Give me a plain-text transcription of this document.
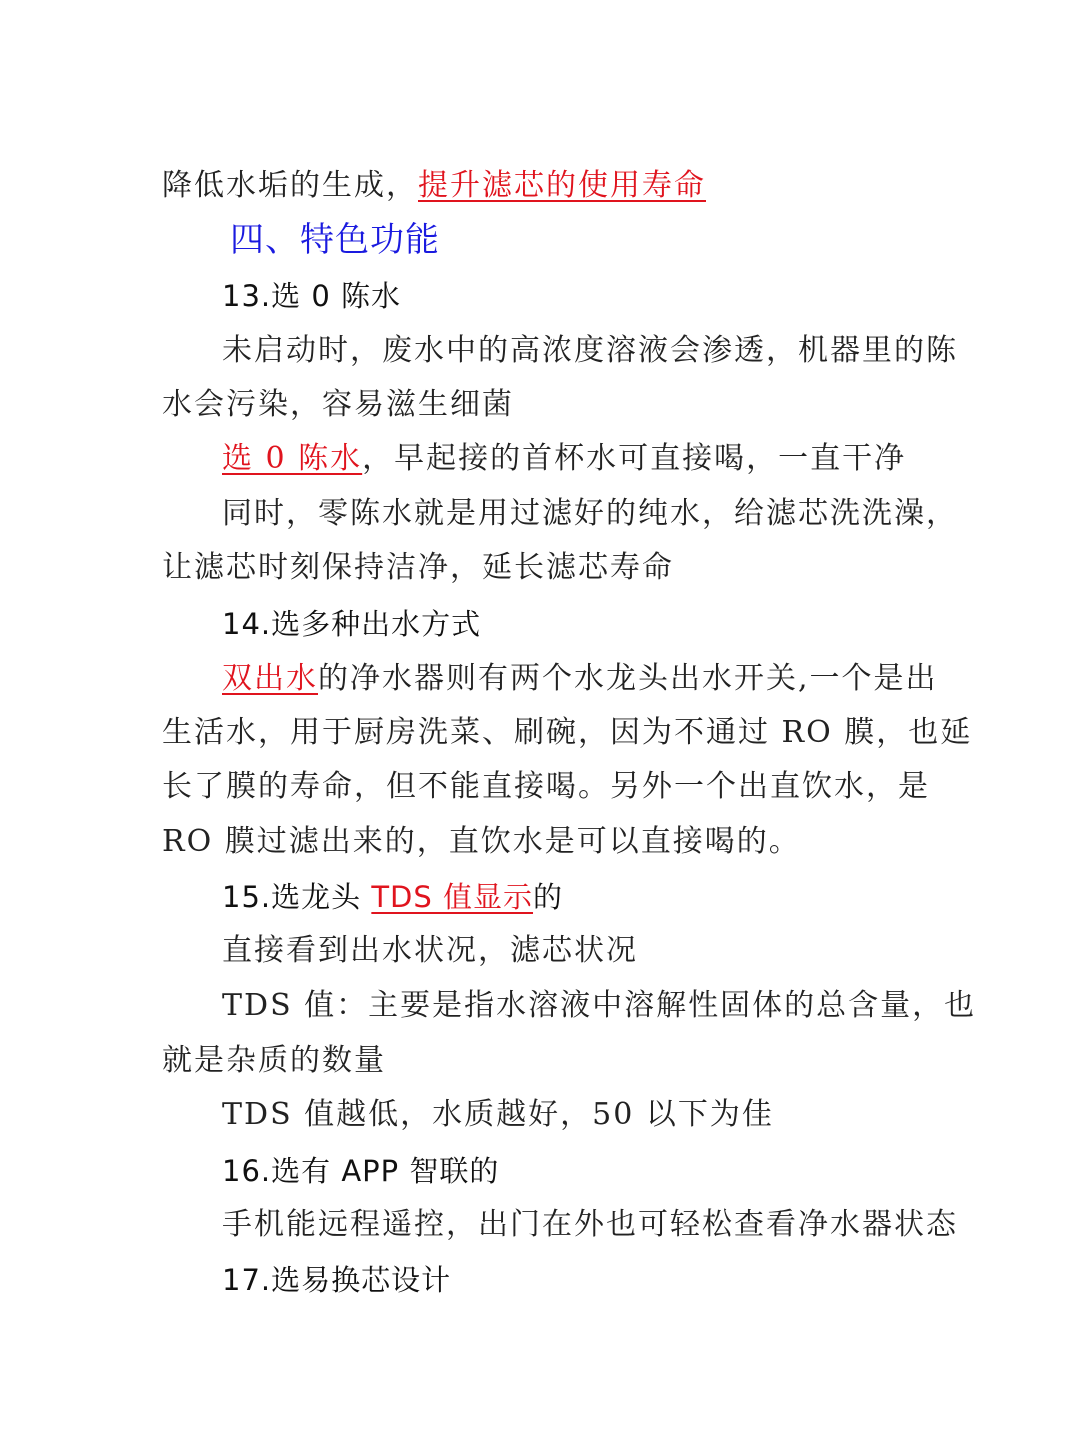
降低水垢的生成，提升滤芯的使用寿命
四、特色功能
13.选 0 陈水
未启动时，废水中的高浓度溶液会渗透，机器里的陈
水会污染，容易滋生细菌
选 0 陈水，早起接的首杯水可直接喝，一直干净
同时，零陈水就是用过滤好的纯水，给滤芯洗洗澡，
让滤芯时刻保持洁净，延长滤芯寿命
14.选多种出水方式
双出水的净水器则有两个水龙头出水开关,一个是出
生活水，用于厨房洗菜、刷碗，因为不通过 RO 膜，也延
长了膜的寿命，但不能直接喝。另外一个出直饮水，是
RO 膜过滤出来的，直饮水是可以直接喝的。
15.选龙头 TDS 值显示的
直接看到出水状况，滤芯状况
TDS 值：主要是指水溶液中溶解性固体的总含量，也
就是杂质的数量
TDS 值越低，水质越好，50 以下为佳
16.选有 APP 智联的
手机能远程遥控，出门在外也可轻松查看净水器状态
17.选易换芯设计
